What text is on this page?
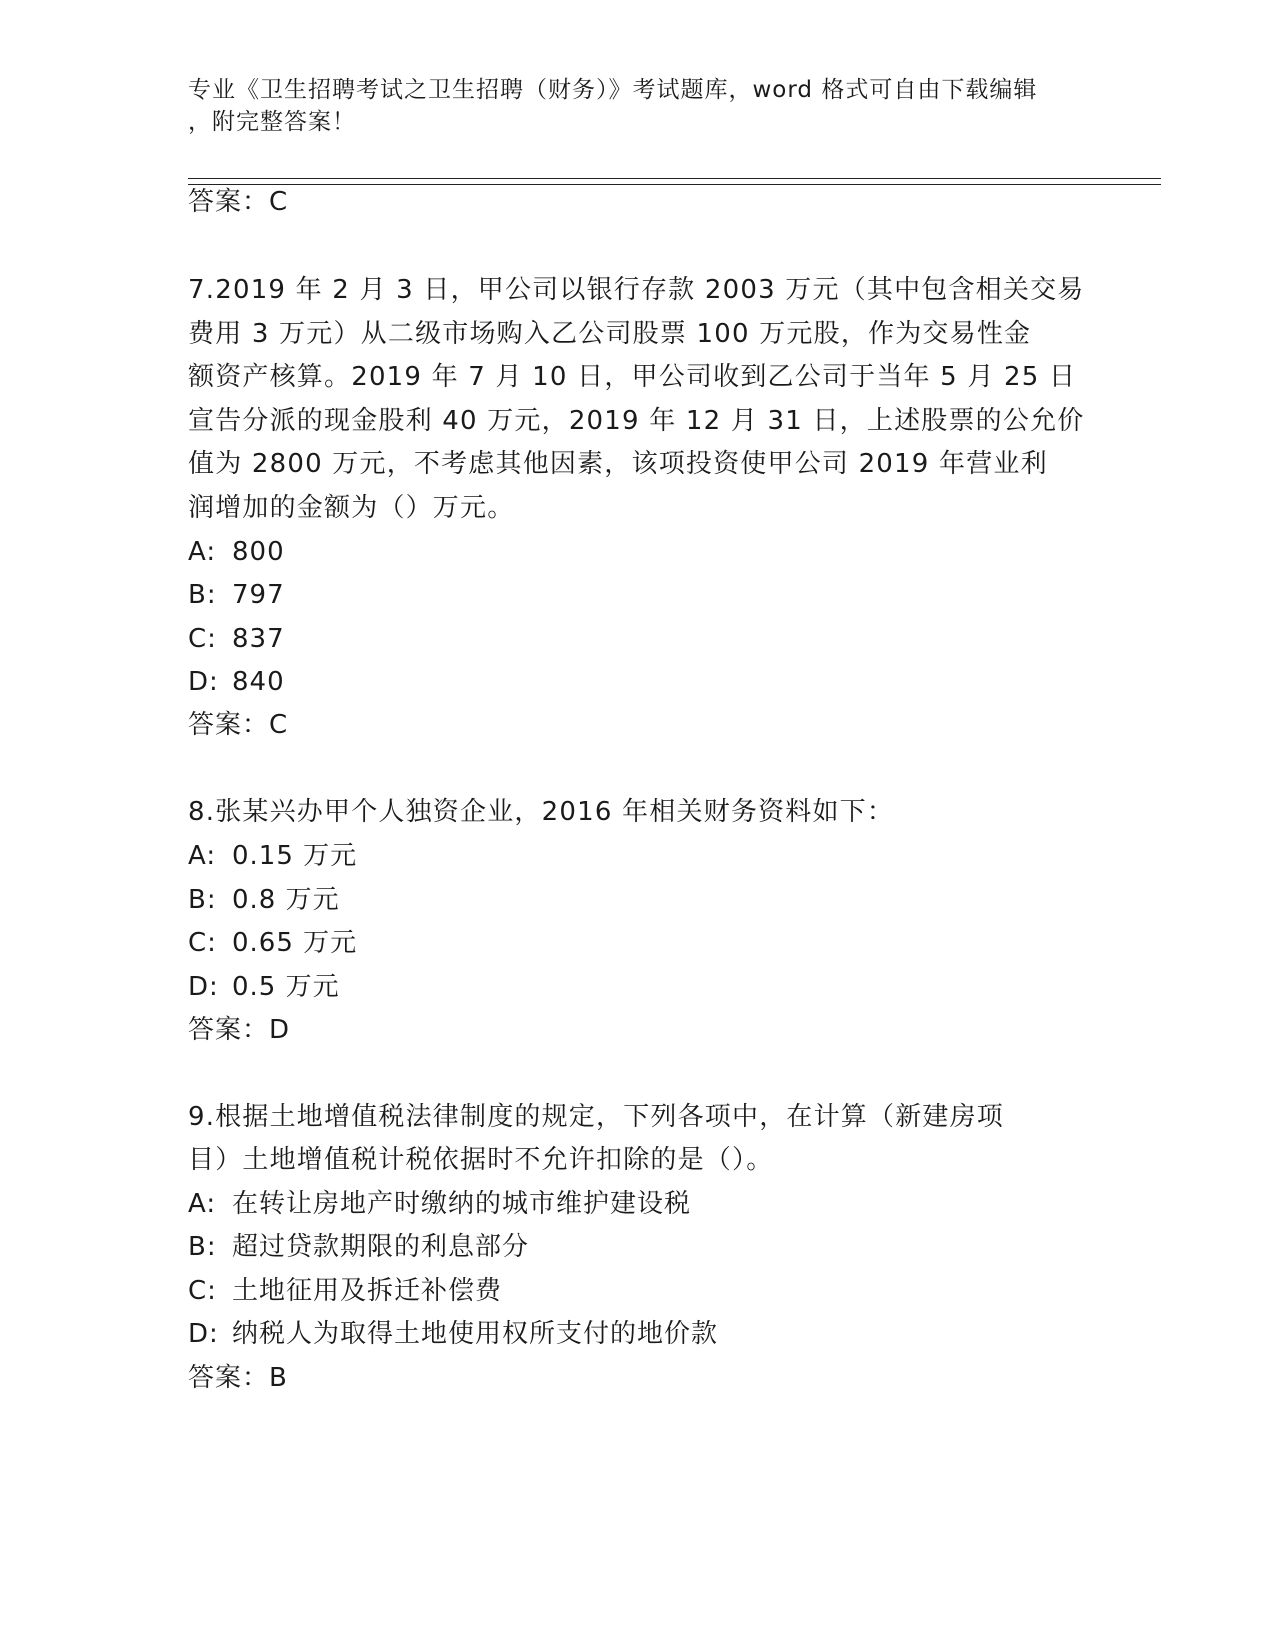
专业《卫生招聘考试之卫生招聘（财务）》考试题库，word 格式可自由下载编辑
，附完整答案！
答案：C
7.2019 年 2 月 3 日，甲公司以银行存款 2003 万元（其中包含相关交易
费用 3 万元）从二级市场购入乙公司股票 100 万元股，作为交易性金
额资产核算。2019 年 7 月 10 日，甲公司收到乙公司于当年 5 月 25 日
宣告分派的现金股利 40 万元，2019 年 12 月 31 日，上述股票的公允价
值为 2800 万元，不考虑其他因素，该项投资使甲公司 2019 年营业利
润增加的金额为（）万元。
A: 800
B: 797
C: 837
D: 840
答案：C
8.张某兴办甲个人独资企业，2016 年相关财务资料如下：
A: 0.15 万元
B: 0.8 万元
C: 0.65 万元
D: 0.5 万元
答案：D
9.根据土地增值税法律制度的规定，下列各项中，在计算（新建房项
目）土地增值税计税依据时不允许扣除的是（）。
A: 在转让房地产时缴纳的城市维护建设税
B: 超过贷款期限的利息部分
C: 土地征用及拆迁补偿费
D: 纳税人为取得土地使用权所支付的地价款
答案：B
